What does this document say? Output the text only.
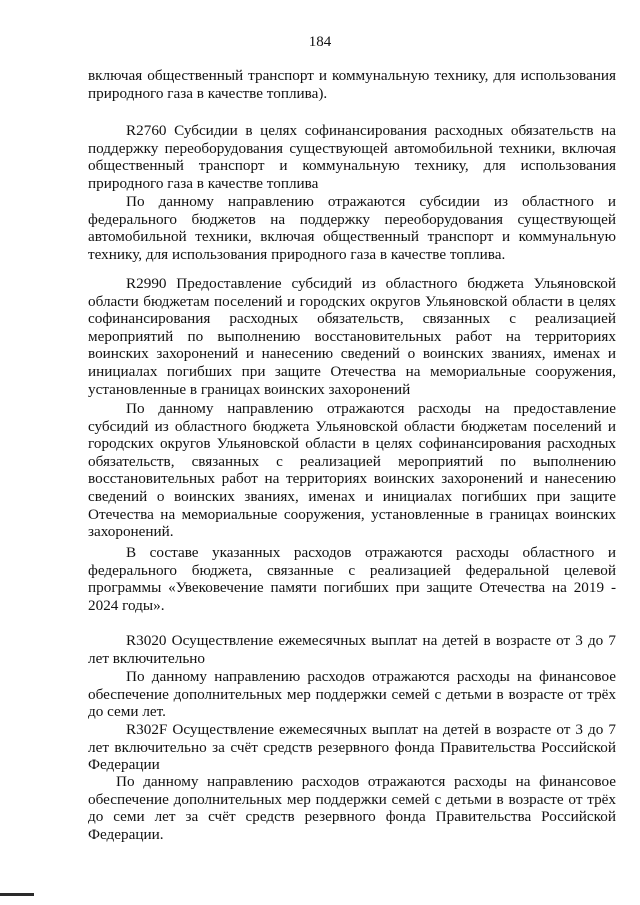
184

включая общественный транспорт и коммунальную технику, для использования природного газа в качестве топлива).

R2760 Субсидии в целях софинансирования расходных обязательств на поддержку переоборудования существующей автомобильной техники, включая общественный транспорт и коммунальную технику, для использования природного газа в качестве топлива

По данному направлению отражаются субсидии из областного и федерального бюджетов на поддержку переоборудования существующей автомобильной техники, включая общественный транспорт и коммунальную технику, для использования природного газа в качестве топлива.

R2990 Предоставление субсидий из областного бюджета Ульяновской области бюджетам поселений и городских округов Ульяновской области в целях софинансирования расходных обязательств, связанных с реализацией мероприятий по выполнению восстановительных работ на территориях воинских захоронений и нанесению сведений о воинских званиях, именах и инициалах погибших при защите Отечества на мемориальные сооружения, установленные в границах воинских захоронений

По данному направлению отражаются расходы на предоставление субсидий из областного бюджета Ульяновской области бюджетам поселений и городских округов Ульяновской области в целях софинансирования расходных обязательств, связанных с реализацией мероприятий по выполнению восстановительных работ на территориях воинских захоронений и нанесению сведений о воинских званиях, именах и инициалах погибших при защите Отечества на мемориальные сооружения, установленные в границах воинских захоронений.

В составе указанных расходов отражаются расходы областного и федерального бюджета, связанные с реализацией федеральной целевой программы «Увековечение памяти погибших при защите Отечества на 2019 - 2024 годы».

R3020 Осуществление ежемесячных выплат на детей в возрасте от 3 до 7 лет включительно

По данному направлению расходов отражаются расходы на финансовое обеспечение дополнительных мер поддержки семей с детьми в возрасте от трёх до семи лет.

R302F Осуществление ежемесячных выплат на детей в возрасте от 3 до 7 лет включительно за счёт средств резервного фонда Правительства Российской Федерации

По данному направлению расходов отражаются расходы на финансовое обеспечение дополнительных мер поддержки семей с детьми в возрасте от трёх до семи лет за счёт средств резервного фонда Правительства Российской Федерации.
